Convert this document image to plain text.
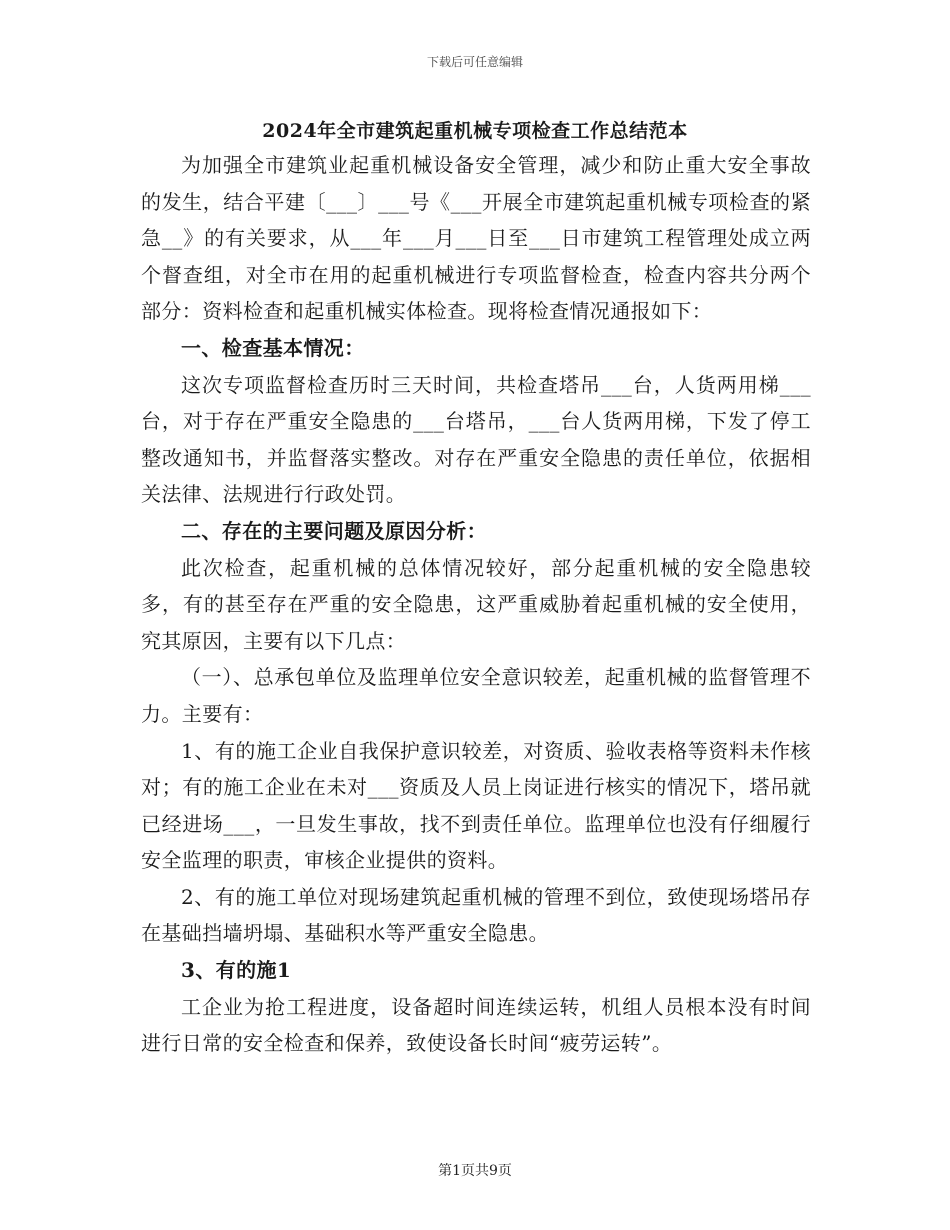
下载后可任意编辑
2024年全市建筑起重机械专项检查工作总结范本

为加强全市建筑业起重机械设备安全管理，减少和防止重大安全事故的发生，结合平建〔___〕___号《___开展全市建筑起重机械专项检查的紧急__》的有关要求，从___年___月___日至___日市建筑工程管理处成立两个督查组，对全市在用的起重机械进行专项监督检查，检查内容共分两个部分：资料检查和起重机械实体检查。现将检查情况通报如下：

一、检查基本情况：

这次专项监督检查历时三天时间，共检查塔吊___台，人货两用梯___台，对于存在严重安全隐患的___台塔吊，___台人货两用梯，下发了停工整改通知书，并监督落实整改。对存在严重安全隐患的责任单位，依据相关法律、法规进行行政处罚。

二、存在的主要问题及原因分析：

此次检查，起重机械的总体情况较好，部分起重机械的安全隐患较多，有的甚至存在严重的安全隐患，这严重威胁着起重机械的安全使用，究其原因，主要有以下几点：

（一）、总承包单位及监理单位安全意识较差，起重机械的监督管理不力。主要有：

1、有的施工企业自我保护意识较差，对资质、验收表格等资料未作核对；有的施工企业在未对___资质及人员上岗证进行核实的情况下，塔吊就已经进场___，一旦发生事故，找不到责任单位。监理单位也没有仔细履行安全监理的职责，审核企业提供的资料。

2、有的施工单位对现场建筑起重机械的管理不到位，致使现场塔吊存在基础挡墙坍塌、基础积水等严重安全隐患。

3、有的施1

工企业为抢工程进度，设备超时间连续运转，机组人员根本没有时间进行日常的安全检查和保养，致使设备长时间“疲劳运转”。

第1页共9页
